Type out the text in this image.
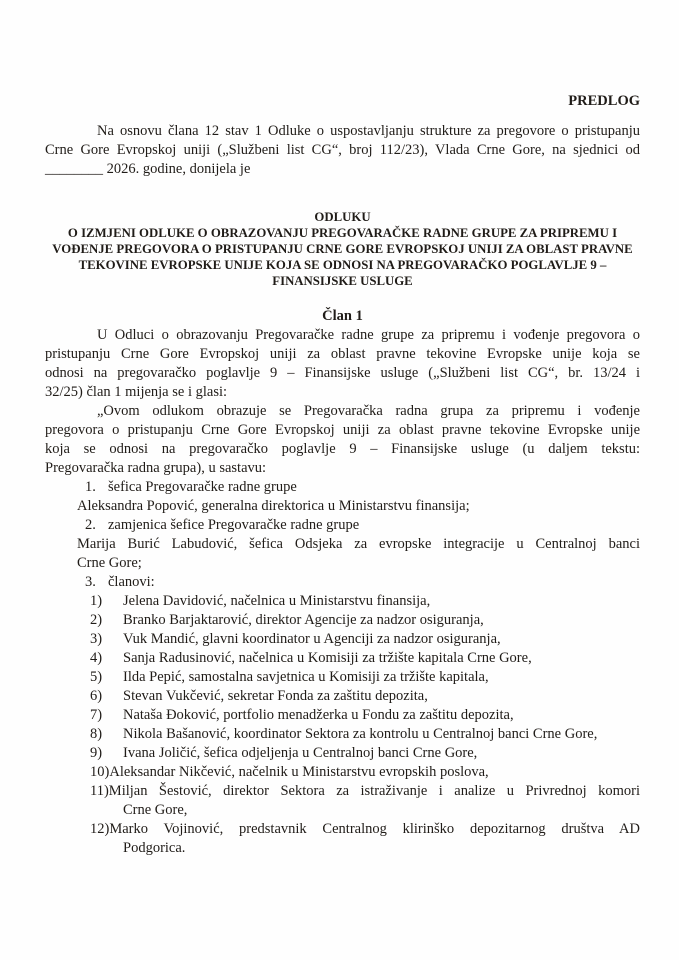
PREDLOG
Na osnovu člana 12 stav 1 Odluke o uspostavljanju strukture za pregovore o pristupanju
Crne Gore Evropskoj uniji („Službeni list CG“, broj 112/23), Vlada Crne Gore, na sjednici od
________ 2026. godine, donijela je
ODLUKU
O IZMJENI ODLUKE O OBRAZOVANJU PREGOVARAČKE RADNE GRUPE ZA PRIPREMU I
VOĐENJE PREGOVORA O PRISTUPANJU CRNE GORE EVROPSKOJ UNIJI ZA OBLAST PRAVNE
TEKOVINE EVROPSKE UNIJE KOJA SE ODNOSI NA PREGOVARAČKO POGLAVLJE 9 –
FINANSIJSKE USLUGE
Član 1
U Odluci o obrazovanju Pregovaračke radne grupe za pripremu i vođenje pregovora o
pristupanju Crne Gore Evropskoj uniji za oblast pravne tekovine Evropske unije koja se
odnosi na pregovaračko poglavlje 9 – Finansijske usluge („Službeni list CG“, br. 13/24 i
32/25) član 1 mijenja se i glasi:
„Ovom odlukom obrazuje se Pregovaračka radna grupa za pripremu i vođenje
pregovora o pristupanju Crne Gore Evropskoj uniji za oblast pravne tekovine Evropske unije
koja se odnosi na pregovaračko poglavlje 9 – Finansijske usluge (u daljem tekstu:
Pregovaračka radna grupa), u sastavu:
1. šefica Pregovaračke radne grupe
Aleksandra Popović, generalna direktorica u Ministarstvu finansija;
2. zamjenica šefice Pregovaračke radne grupe
Marija Burić Labudović, šefica Odsjeka za evropske integracije u Centralnoj banci
Crne Gore;
3. članovi:
1) Jelena Davidović, načelnica u Ministarstvu finansija,
2) Branko Barjaktarović, direktor Agencije za nadzor osiguranja,
3) Vuk Mandić, glavni koordinator u Agenciji za nadzor osiguranja,
4) Sanja Radusinović, načelnica u Komisiji za tržište kapitala Crne Gore,
5) Ilda Pepić, samostalna savjetnica u Komisiji za tržište kapitala,
6) Stevan Vukčević, sekretar Fonda za zaštitu depozita,
7) Nataša Đoković, portfolio menadžerka u Fondu za zaštitu depozita,
8) Nikola Bašanović, koordinator Sektora za kontrolu u Centralnoj banci Crne Gore,
9) Ivana Joličić, šefica odjeljenja u Centralnoj banci Crne Gore,
10)Aleksandar Nikčević, načelnik u Ministarstvu evropskih poslova,
11)Miljan Šestović, direktor Sektora za istraživanje i analize u Privrednoj komori
Crne Gore,
12)Marko Vojinović, predstavnik Centralnog klirinško depozitarnog društva AD
Podgorica.
